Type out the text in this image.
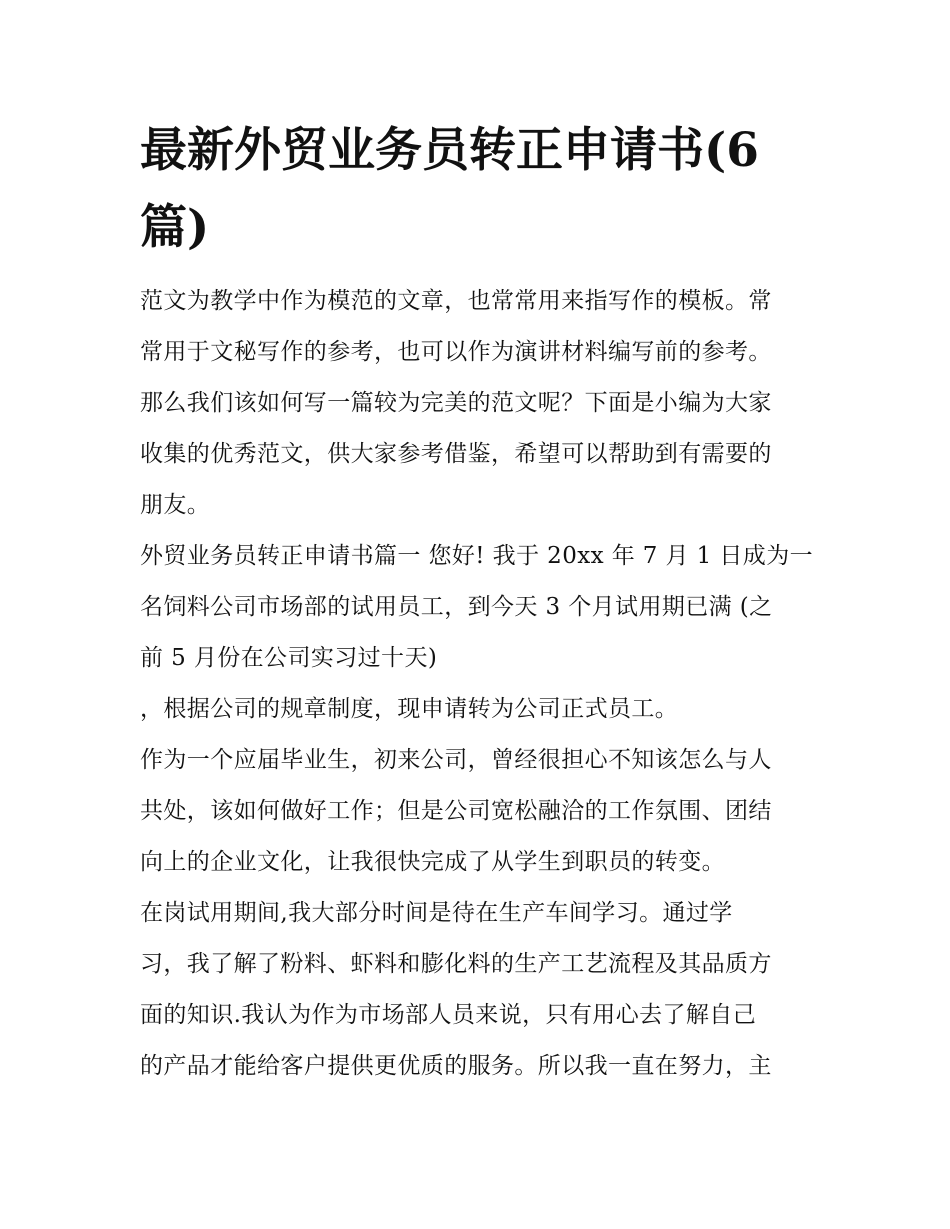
最新外贸业务员转正申请书(6
篇)
范文为教学中作为模范的文章，也常常用来指写作的模板。常
常用于文秘写作的参考，也可以作为演讲材料编写前的参考。
那么我们该如何写一篇较为完美的范文呢？下面是小编为大家
收集的优秀范文，供大家参考借鉴，希望可以帮助到有需要的
朋友。
外贸业务员转正申请书篇一 您好! 我于 20xx 年 7 月 1 日成为一
名饲料公司市场部的试用员工，到今天 3 个月试用期已满 (之
前 5 月份在公司实习过十天)
，根据公司的规章制度，现申请转为公司正式员工。
作为一个应届毕业生，初来公司，曾经很担心不知该怎么与人
共处，该如何做好工作；但是公司宽松融洽的工作氛围、团结
向上的企业文化，让我很快完成了从学生到职员的转变。
在岗试用期间,我大部分时间是待在生产车间学习。通过学
习，我了解了粉料、虾料和膨化料的生产工艺流程及其品质方
面的知识.我认为作为市场部人员来说，只有用心去了解自己
的产品才能给客户提供更优质的服务。所以我一直在努力，主
